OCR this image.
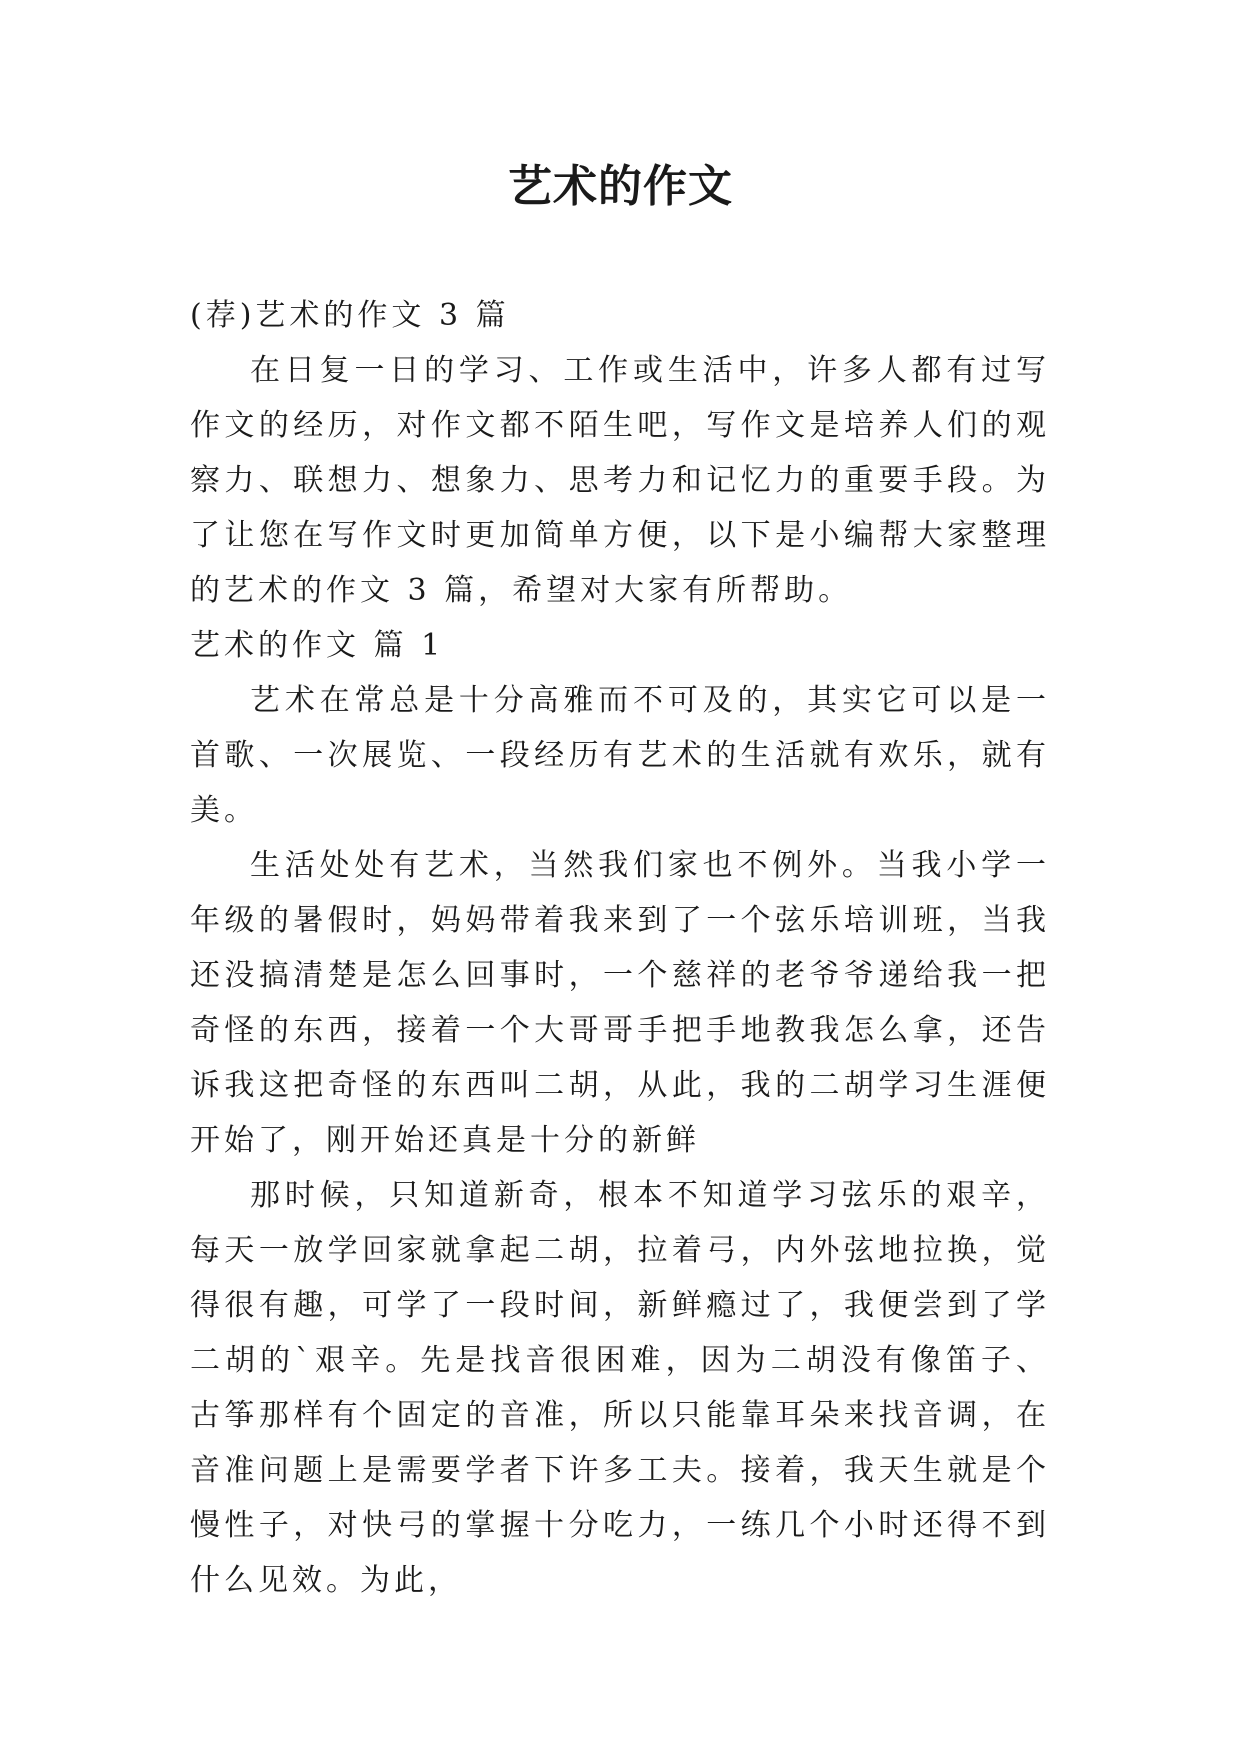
艺术的作文

(荐)艺术的作文 3 篇

在日复一日的学习、工作或生活中，许多人都有过写作文的经历，对作文都不陌生吧，写作文是培养人们的观察力、联想力、想象力、思考力和记忆力的重要手段。为了让您在写作文时更加简单方便，以下是小编帮大家整理的艺术的作文 3 篇，希望对大家有所帮助。

艺术的作文 篇 1

艺术在常总是十分高雅而不可及的，其实它可以是一首歌、一次展览、一段经历有艺术的生活就有欢乐，就有美。

生活处处有艺术，当然我们家也不例外。当我小学一年级的暑假时，妈妈带着我来到了一个弦乐培训班，当我还没搞清楚是怎么回事时，一个慈祥的老爷爷递给我一把奇怪的东西，接着一个大哥哥手把手地教我怎么拿，还告诉我这把奇怪的东西叫二胡，从此，我的二胡学习生涯便开始了，刚开始还真是十分的新鲜

那时候，只知道新奇，根本不知道学习弦乐的艰辛，每天一放学回家就拿起二胡，拉着弓，内外弦地拉换，觉得很有趣，可学了一段时间，新鲜瘾过了，我便尝到了学二胡的`艰辛。先是找音很困难，因为二胡没有像笛子、古筝那样有个固定的音准，所以只能靠耳朵来找音调，在音准问题上是需要学者下许多工夫。接着，我天生就是个慢性子，对快弓的掌握十分吃力，一练几个小时还得不到什么见效。为此，
